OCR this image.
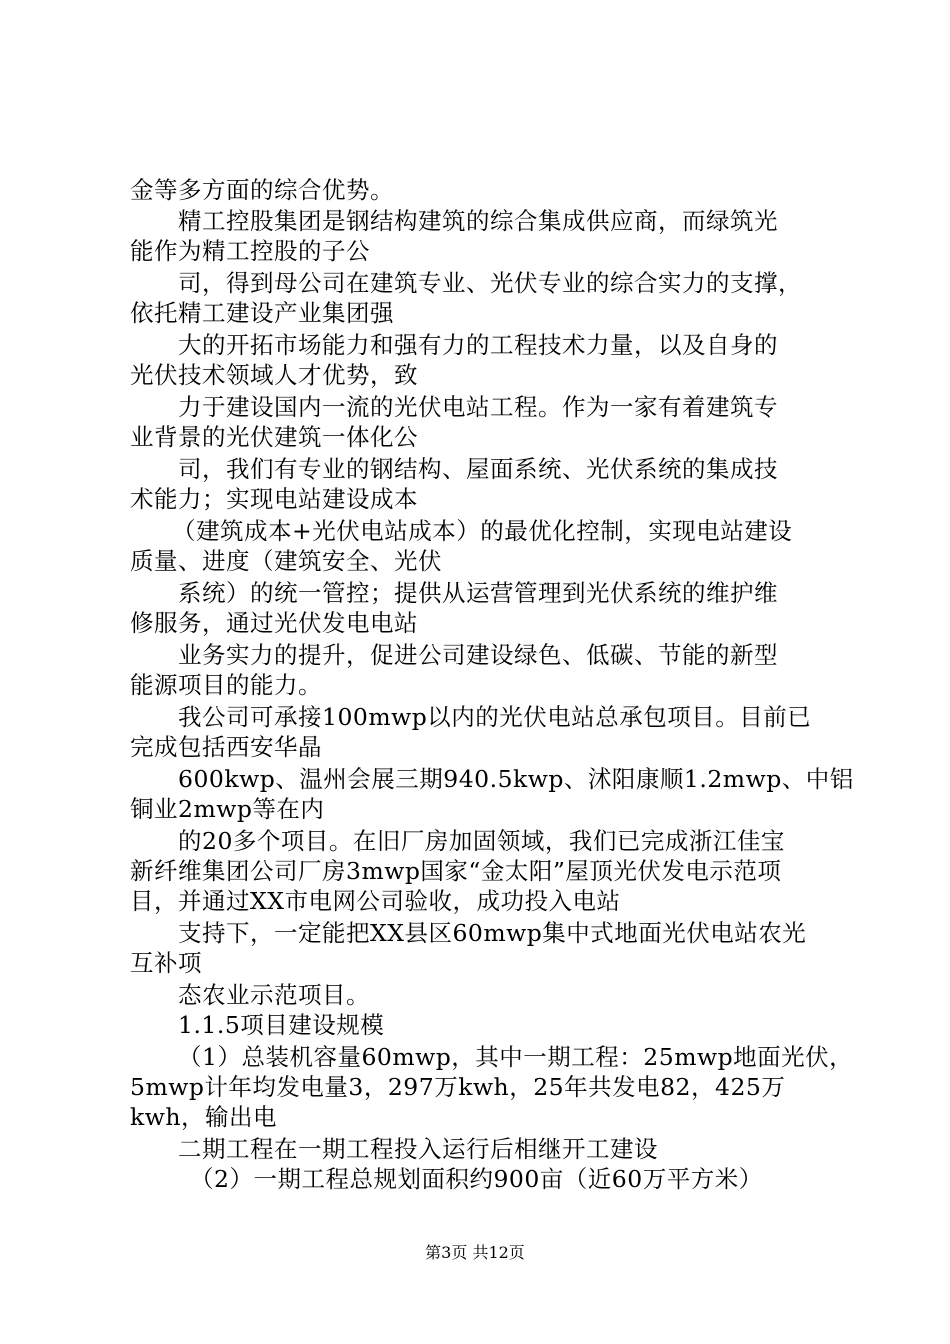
金等多方面的综合优势。
精工控股集团是钢结构建筑的综合集成供应商，而绿筑光
能作为精工控股的子公
司，得到母公司在建筑专业、光伏专业的综合实力的支撑，
依托精工建设产业集团强
大的开拓市场能力和强有力的工程技术力量，以及自身的
光伏技术领域人才优势，致
力于建设国内一流的光伏电站工程。作为一家有着建筑专
业背景的光伏建筑一体化公
司，我们有专业的钢结构、屋面系统、光伏系统的集成技
术能力；实现电站建设成本
（建筑成本+光伏电站成本）的最优化控制，实现电站建设
质量、进度（建筑安全、光伏
系统）的统一管控；提供从运营管理到光伏系统的维护维
修服务，通过光伏发电电站
业务实力的提升，促进公司建设绿色、低碳、节能的新型
能源项目的能力。
我公司可承接100mwp以内的光伏电站总承包项目。目前已
完成包括西安华晶
600kwp、温州会展三期940.5kwp、沭阳康顺1.2mwp、中铝
铜业2mwp等在内
的20多个项目。在旧厂房加固领域，我们已完成浙江佳宝
新纤维集团公司厂房3mwp国家“金太阳”屋顶光伏发电示范项
目，并通过XX市电网公司验收，成功投入电站
支持下，一定能把XX县区60mwp集中式地面光伏电站农光
互补项
态农业示范项目。
1.1.5项目建设规模
（1）总装机容量60mwp，其中一期工程：25mwp地面光伏，
5mwp计年均发电量3，297万kwh，25年共发电82，425万
kwh，输出电
二期工程在一期工程投入运行后相继开工建设
（2）一期工程总规划面积约900亩（近60万平方米）
第3页 共12页
